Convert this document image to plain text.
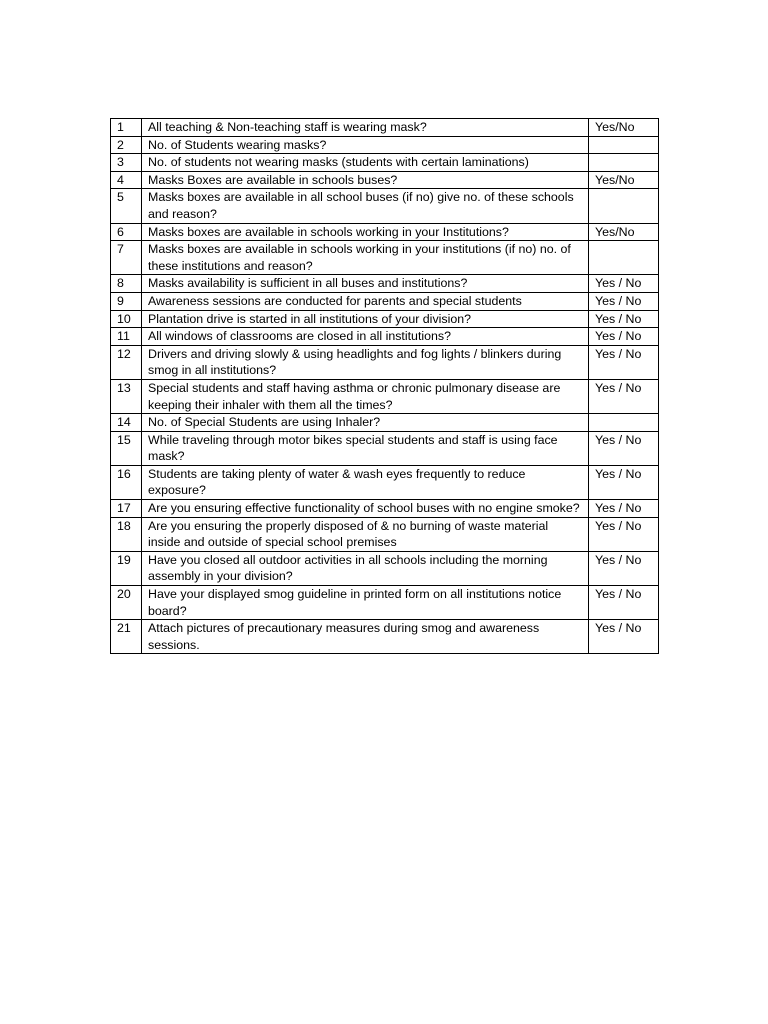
1	All teaching & Non-teaching staff is wearing mask?	Yes/No
2	No. of Students wearing masks?	
3	No. of students not wearing masks (students with certain laminations)	
4	Masks Boxes are available in schools buses?	Yes/No
5	Masks boxes are available in all school buses (if no) give no. of these schools and reason?	
6	Masks boxes are available in schools working in your Institutions?	Yes/No
7	Masks boxes are available in schools working in your institutions (if no) no. of these institutions and reason?	
8	Masks availability is sufficient in all buses and institutions?	Yes / No
9	Awareness sessions are conducted for parents and special students	Yes / No
10	Plantation drive is started in all institutions of your division?	Yes / No
11	All windows of classrooms are closed in all institutions?	Yes / No
12	Drivers and driving slowly & using headlights and fog lights / blinkers during smog in all institutions?	Yes / No
13	Special students and staff having asthma or chronic pulmonary disease are keeping their inhaler with them all the times?	Yes / No
14	No. of Special Students are using Inhaler?	
15	While traveling through motor bikes special students and staff is using face mask?	Yes / No
16	Students are taking plenty of water & wash eyes frequently to reduce exposure?	Yes / No
17	Are you ensuring effective functionality of school buses with no engine smoke?	Yes / No
18	Are you ensuring the properly disposed of & no burning of waste material inside and outside of special school premises	Yes / No
19	Have you closed all outdoor activities in all schools including the morning assembly in your division?	Yes / No
20	Have your displayed smog guideline in printed form on all institutions notice board?	Yes / No
21	Attach pictures of precautionary measures during smog and awareness sessions.	Yes / No
